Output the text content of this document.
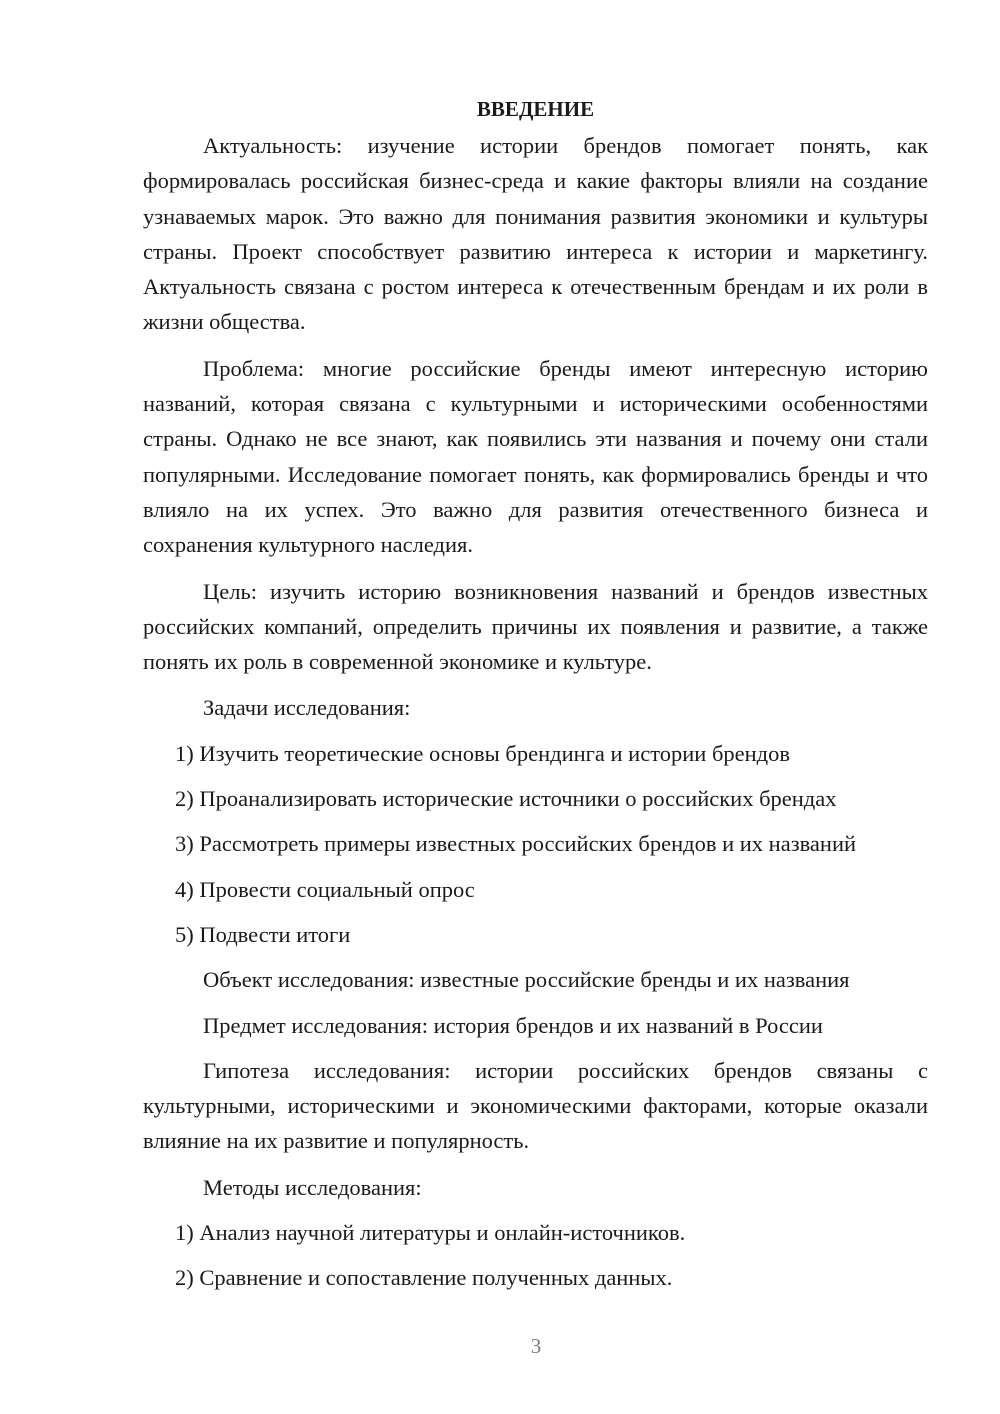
ВВЕДЕНИЕ

Актуальность: изучение истории брендов помогает понять, как формировалась российская бизнес-среда и какие факторы влияли на создание узнаваемых марок. Это важно для понимания развития экономики и культуры страны. Проект способствует развитию интереса к истории и маркетингу. Актуальность связана с ростом интереса к отечественным брендам и их роли в жизни общества.

Проблема: многие российские бренды имеют интересную историю названий, которая связана с культурными и историческими особенностями страны. Однако не все знают, как появились эти названия и почему они стали популярными. Исследование помогает понять, как формировались бренды и что влияло на их успех. Это важно для развития отечественного бизнеса и сохранения культурного наследия.

Цель: изучить историю возникновения названий и брендов известных российских компаний, определить причины их появления и развитие, а также понять их роль в современной экономике и культуре.

Задачи исследования:

1) Изучить теоретические основы брендинга и истории брендов

2) Проанализировать исторические источники о российских брендах

3) Рассмотреть примеры известных российских брендов и их названий

4) Провести социальный опрос

5) Подвести итоги

Объект исследования: известные российские бренды и их названия

Предмет исследования: история брендов и их названий в России

Гипотеза исследования: истории российских брендов связаны с культурными, историческими и экономическими факторами, которые оказали влияние на их развитие и популярность.

Методы исследования:

1) Анализ научной литературы и онлайн-источников.

2) Сравнение и сопоставление полученных данных.

3
